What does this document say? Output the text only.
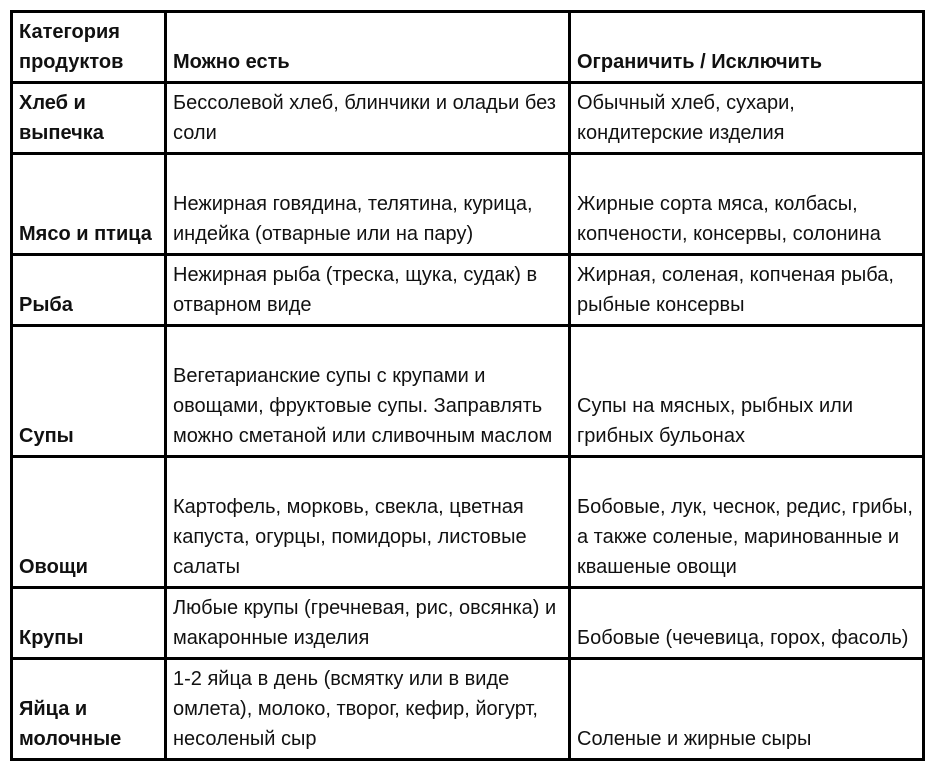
Категория продуктов	Можно есть	Ограничить / Исключить
Хлеб и выпечка	Бессолевой хлеб, блинчики и оладьи без соли	Обычный хлеб, сухари, кондитерские изделия
Мясо и птица	Нежирная говядина, телятина, курица, индейка (отварные или на пару)	Жирные сорта мяса, колбасы, копчености, консервы, солонина
Рыба	Нежирная рыба (треска, щука, судак) в отварном виде	Жирная, соленая, копченая рыба, рыбные консервы
Супы	Вегетарианские супы с крупами и овощами, фруктовые супы. Заправлять можно сметаной или сливочным маслом	Супы на мясных, рыбных или грибных бульонах
Овощи	Картофель, морковь, свекла, цветная капуста, огурцы, помидоры, листовые салаты	Бобовые, лук, чеснок, редис, грибы, а также соленые, маринованные и квашеные овощи
Крупы	Любые крупы (гречневая, рис, овсянка) и макаронные изделия	Бобовые (чечевица, горох, фасоль)
Яйца и молочные	1-2 яйца в день (всмятку или в виде омлета), молоко, творог, кефир, йогурт, несоленый сыр	Соленые и жирные сыры
